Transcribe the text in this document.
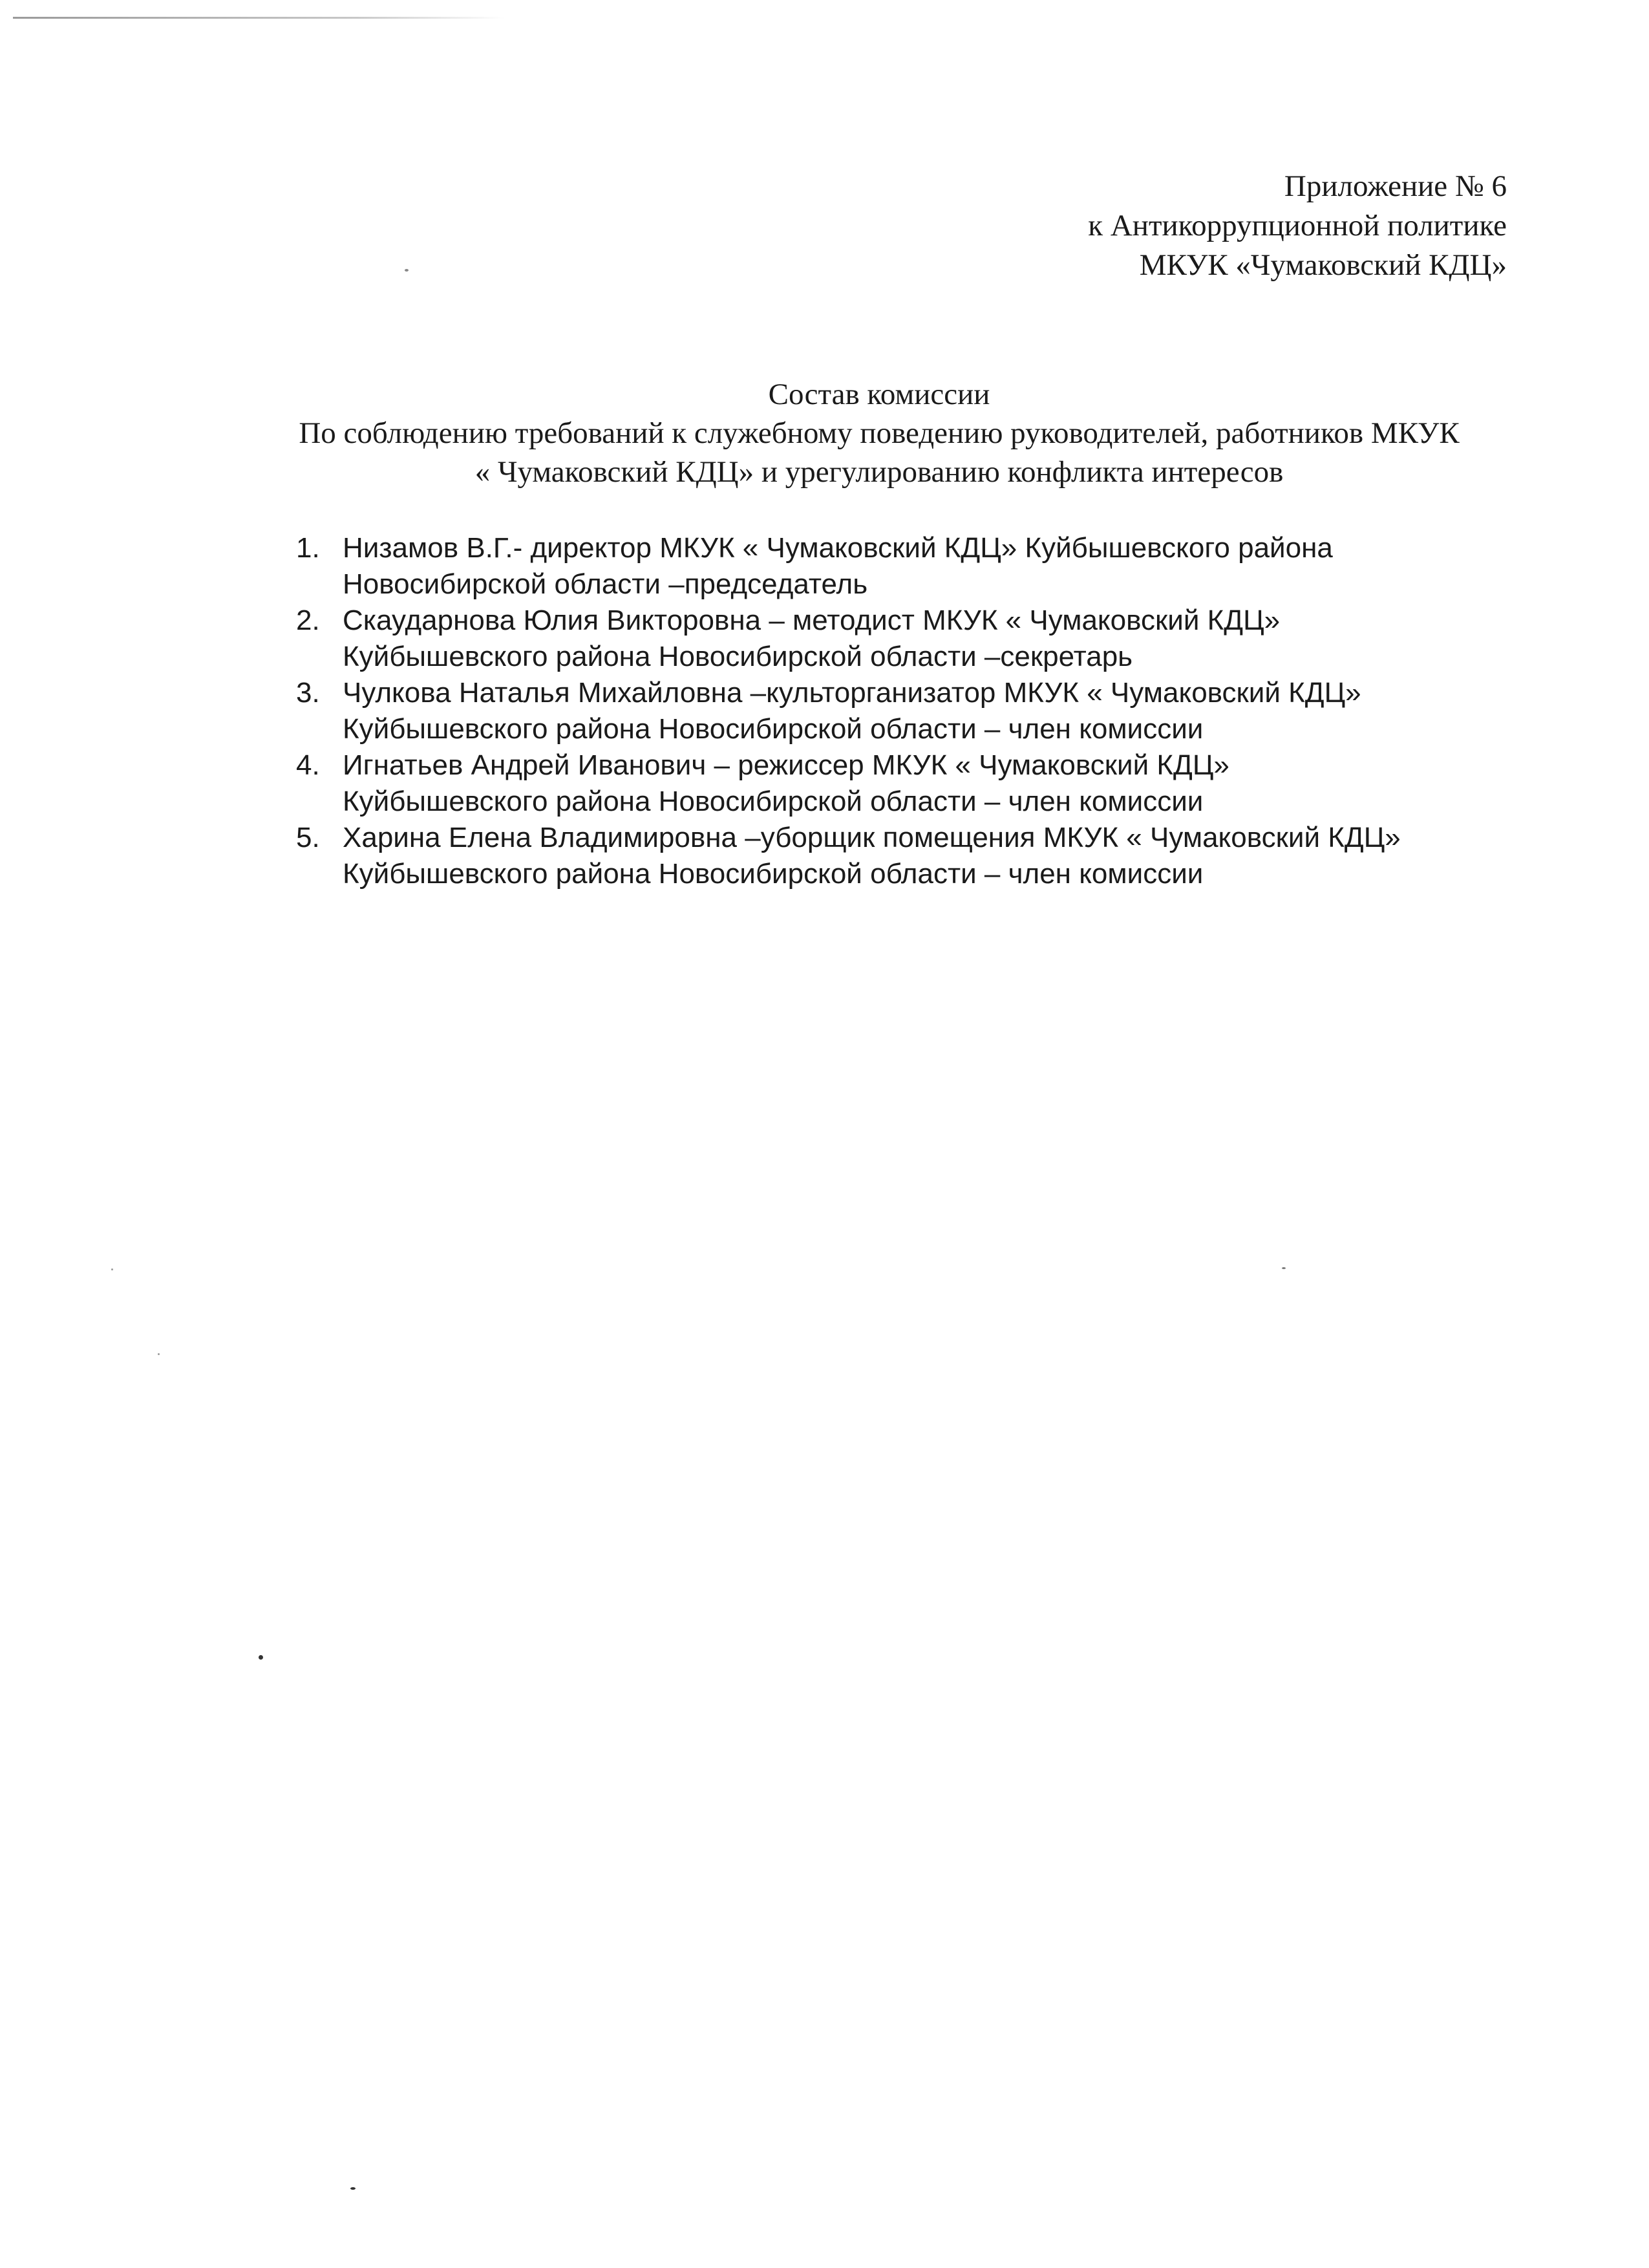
Приложение № 6
к Антикоррупционной политике
МКУК «Чумаковский КДЦ»
Состав комиссии
По соблюдению требований к служебному поведению руководителей, работников МКУК
« Чумаковский КДЦ» и урегулированию конфликта интересов
1. Низамов В.Г.- директор МКУК « Чумаковский КДЦ» Куйбышевского района
Новосибирской области –председатель
2. Скаударнова Юлия Викторовна – методист МКУК « Чумаковский КДЦ»
Куйбышевского района Новосибирской области –секретарь
3. Чулкова Наталья Михайловна –культорганизатор МКУК « Чумаковский КДЦ»
Куйбышевского района Новосибирской области – член комиссии
4. Игнатьев Андрей Иванович – режиссер МКУК « Чумаковский КДЦ»
Куйбышевского района Новосибирской области – член комиссии
5. Харина Елена Владимировна –уборщик помещения МКУК « Чумаковский КДЦ»
Куйбышевского района Новосибирской области – член комиссии
